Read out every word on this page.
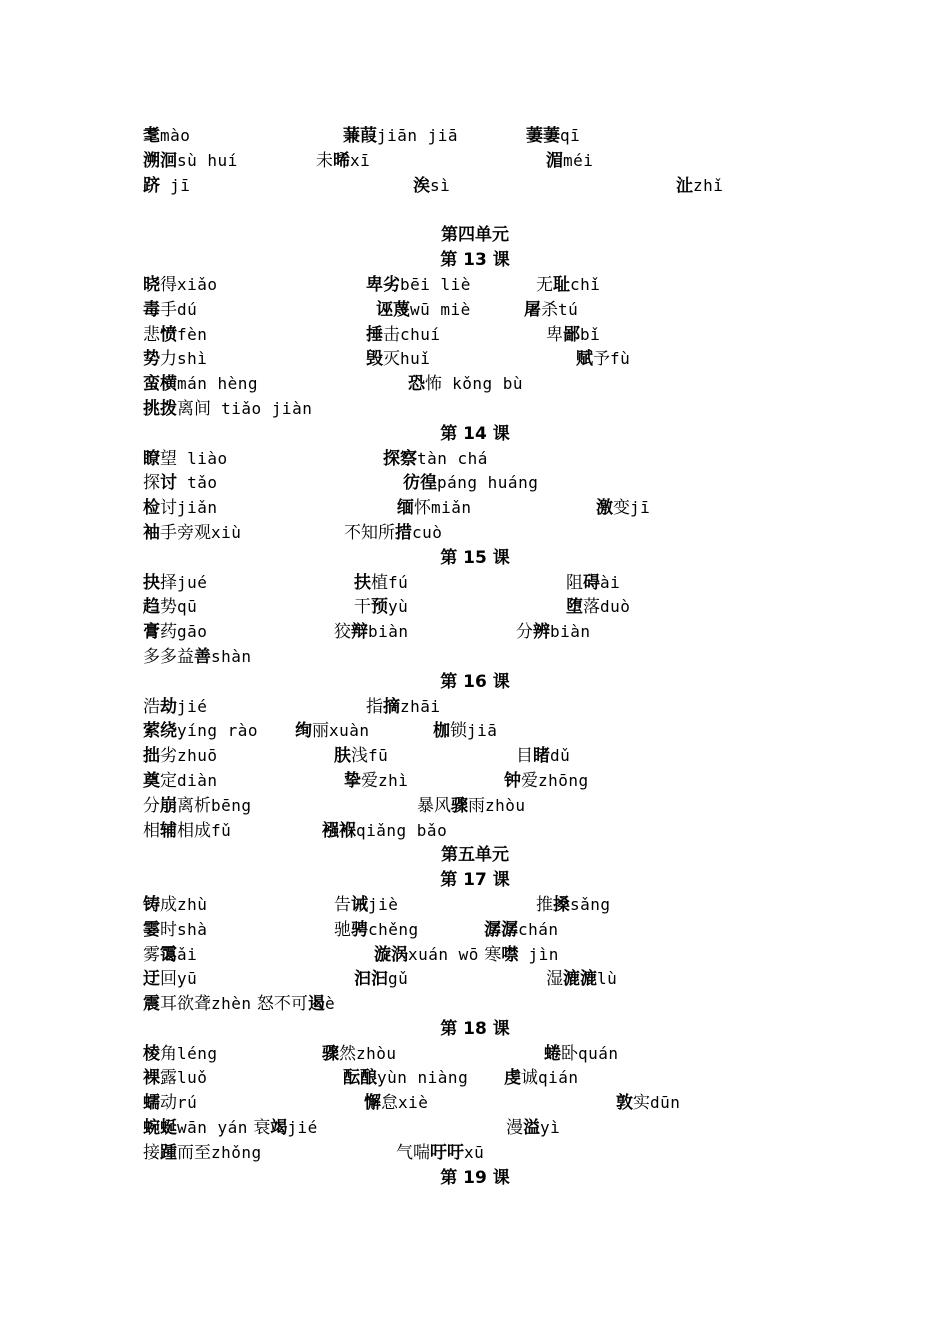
耄mào	蒹葭jiān jiā	萋萋qī
溯洄sù huí	未晞xī	湄méi
跻 jī	涘sì	沚zhǐ
第四单元
第 13 课
晓得xiǎo	卑劣bēi liè	无耻chǐ
毒手dú	诬蔑wū miè	屠杀tú
悲愤fèn	捶击chuí	卑鄙bǐ
势力shì	毁灭huǐ	赋予fù
蛮横mán hèng	恐怖 kǒng bù
挑拨离间 tiǎo jiàn
第 14 课
瞭望 liào	探察tàn chá
探讨 tǎo	彷徨páng huáng
检讨jiǎn	缅怀miǎn	激变jī
袖手旁观xiù	不知所措cuò
第 15 课
抉择jué	扶植fú	阻碍ài
趋势qū	干预yù	堕落duò
膏药gāo	狡辩biàn	分辨biàn
多多益善shàn
第 16 课
浩劫jié	指摘zhāi
萦绕yíng rào 绚丽xuàn	枷锁jiā
拙劣zhuō	肤浅fū	目睹dǔ
奠定diàn	挚爱zhì	钟爱zhōng
分崩离析bēng	暴风骤雨zhòu
相辅相成fǔ	襁褓qiǎng bǎo
第五单元
第 17 课
铸成zhù	告诫jiè	推搡sǎng
霎时shà	驰骋chěng	潺潺chán
雾霭ǎi	漩涡xuán wō 寒噤 jìn
迂回yū	汩汩gǔ	湿漉漉lù
震耳欲聋zhèn 怒不可遏è
第 18 课
棱角léng	骤然zhòu	蜷卧quán
裸露luǒ	酝酿yùn niàng 虔诚qián
蠕动rú	懈怠xiè	敦实dūn
蜿蜒wān yán 衰竭jié	漫溢yì
接踵而至zhǒng	气喘吁吁xū
第 19 课
